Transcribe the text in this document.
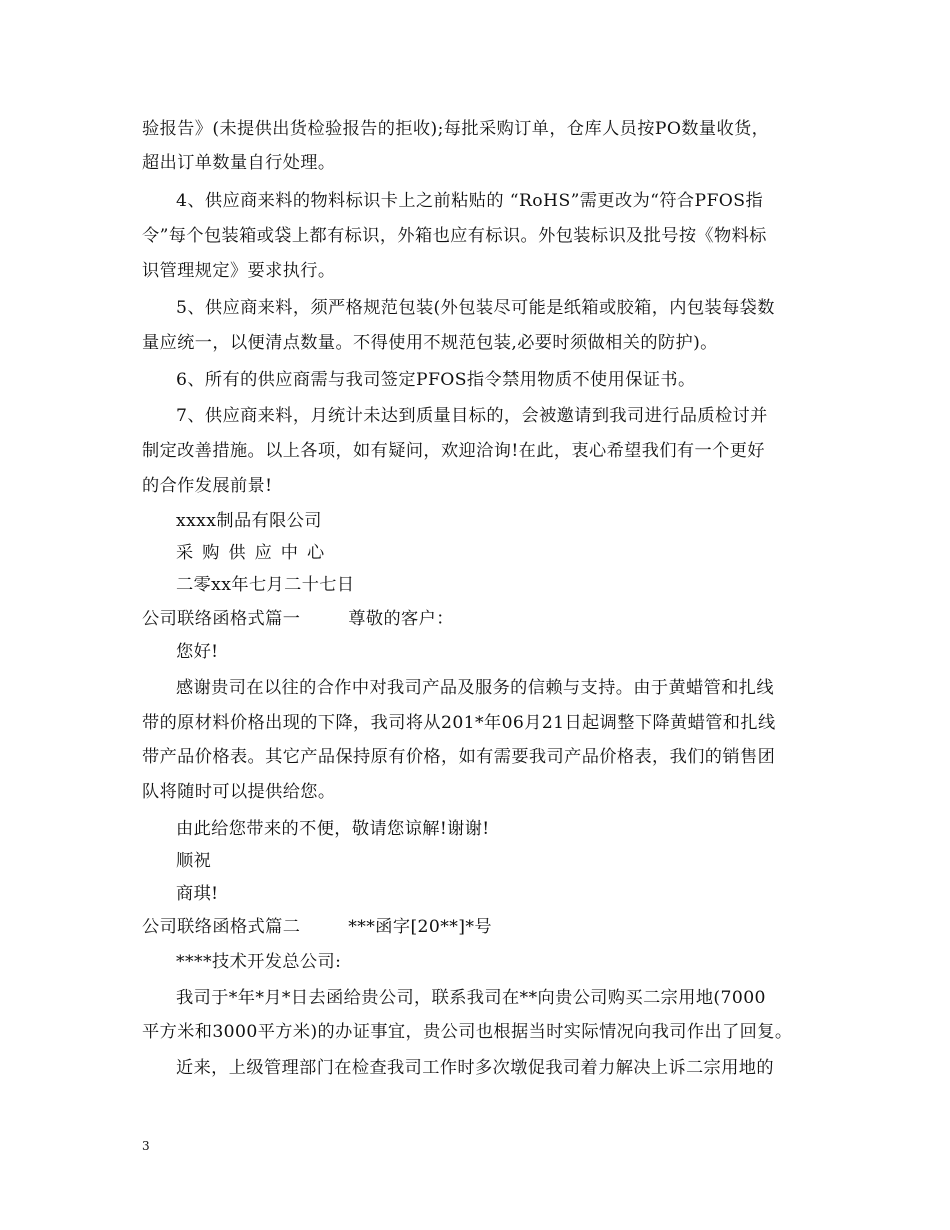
验报告》(未提供出货检验报告的拒收);每批采购订单，仓库人员按PO数量收货，
超出订单数量自行处理。
4、供应商来料的物料标识卡上之前粘贴的 “RoHS”需更改为“符合PFOS指
令”每个包装箱或袋上都有标识，外箱也应有标识。外包装标识及批号按《物料标
识管理规定》要求执行。
5、供应商来料，须严格规范包装(外包装尽可能是纸箱或胶箱，内包装每袋数
量应统一，以便清点数量。不得使用不规范包装,必要时须做相关的防护)。
6、所有的供应商需与我司签定PFOS指令禁用物质不使用保证书。
7、供应商来料，月统计未达到质量目标的，会被邀请到我司进行品质检讨并
制定改善措施。以上各项，如有疑问，欢迎洽询!在此，衷心希望我们有一个更好
的合作发展前景!
xxxx制品有限公司
采购供应中心
二零xx年七月二十七日
公司联络函格式篇一	尊敬的客户：
您好!
感谢贵司在以往的合作中对我司产品及服务的信赖与支持。由于黄蜡管和扎线
带的原材料价格出现的下降，我司将从201*年06月21日起调整下降黄蜡管和扎线
带产品价格表。其它产品保持原有价格，如有需要我司产品价格表，我们的销售团
队将随时可以提供给您。
由此给您带来的不便，敬请您谅解!谢谢!
顺祝
商琪!
公司联络函格式篇二	***函字[20**]*号
****技术开发总公司:
我司于*年*月*日去函给贵公司，联系我司在**向贵公司购买二宗用地(7000
平方米和3000平方米)的办证事宜，贵公司也根据当时实际情况向我司作出了回复。
近来，上级管理部门在检查我司工作时多次墩促我司着力解决上诉二宗用地的
3
